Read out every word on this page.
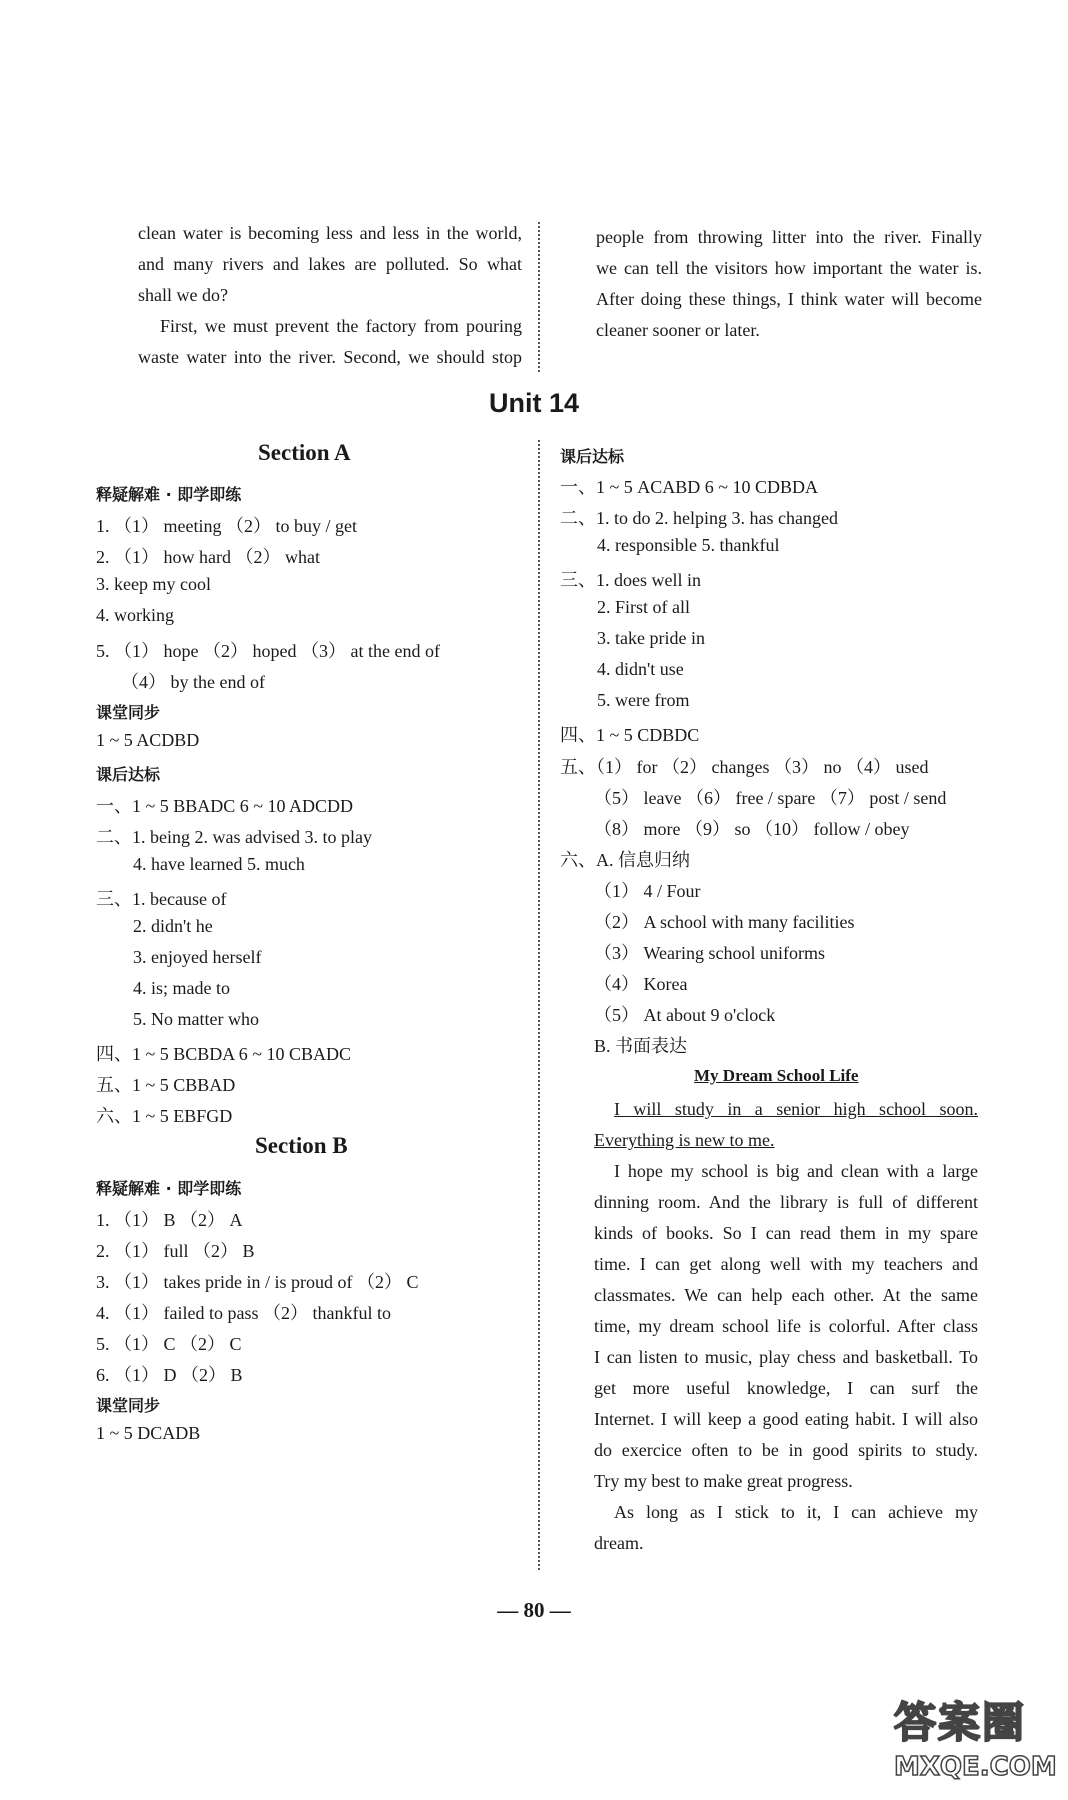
clean water is becoming less and less in the world,
and many rivers and lakes are polluted. So what
shall we do?
First, we must prevent the factory from pouring
waste water into the river. Second, we should stop
people from throwing litter into the river. Finally
we can tell the visitors how important the water is.
After doing these things, I think water will become
cleaner sooner or later.
Unit 14
Section A
释疑解难 · 即学即练
1. （1） meeting （2） to buy / get
2. （1） how hard （2） what
3. keep my cool
4. working
5. （1） hope （2） hoped （3） at the end of
（4） by the end of
课堂同步
1 ~ 5 ACDBD
课后达标
一、1 ~ 5 BBADC 6 ~ 10 ADCDD
二、1. being 2. was advised 3. to play
4. have learned 5. much
三、1. because of
2. didn't he
3. enjoyed herself
4. is; made to
5. No matter who
四、1 ~ 5 BCBDA 6 ~ 10 CBADC
五、1 ~ 5 CBBAD
六、1 ~ 5 EBFGD
Section B
释疑解难 · 即学即练
1. （1） B （2） A
2. （1） full （2） B
3. （1） takes pride in / is proud of （2） C
4. （1） failed to pass （2） thankful to
5. （1） C （2） C
6. （1） D （2） B
课堂同步
1 ~ 5 DCADB
课后达标
一、1 ~ 5 ACABD 6 ~ 10 CDBDA
二、1. to do 2. helping 3. has changed
4. responsible 5. thankful
三、1. does well in
2. First of all
3. take pride in
4. didn't use
5. were from
四、1 ~ 5 CDBDC
五、（1） for （2） changes （3） no （4） used
（5） leave （6） free / spare （7） post / send
（8） more （9） so （10） follow / obey
六、A. 信息归纳
（1） 4 / Four
（2） A school with many facilities
（3） Wearing school uniforms
（4） Korea
（5） At about 9 o'clock
B. 书面表达
My Dream School Life
I will study in a senior high school soon.
Everything is new to me.
I hope my school is big and clean with a large
dinning room. And the library is full of different
kinds of books. So I can read them in my spare
time. I can get along well with my teachers and
classmates. We can help each other. At the same
time, my dream school life is colorful. After class
I can listen to music, play chess and basketball. To
get more useful knowledge, I can surf the
Internet. I will keep a good eating habit. I will also
do exercice often to be in good spirits to study.
Try my best to make great progress.
As long as I stick to it, I can achieve my
dream.
— 80 —
答案圈
MXQE.COM
